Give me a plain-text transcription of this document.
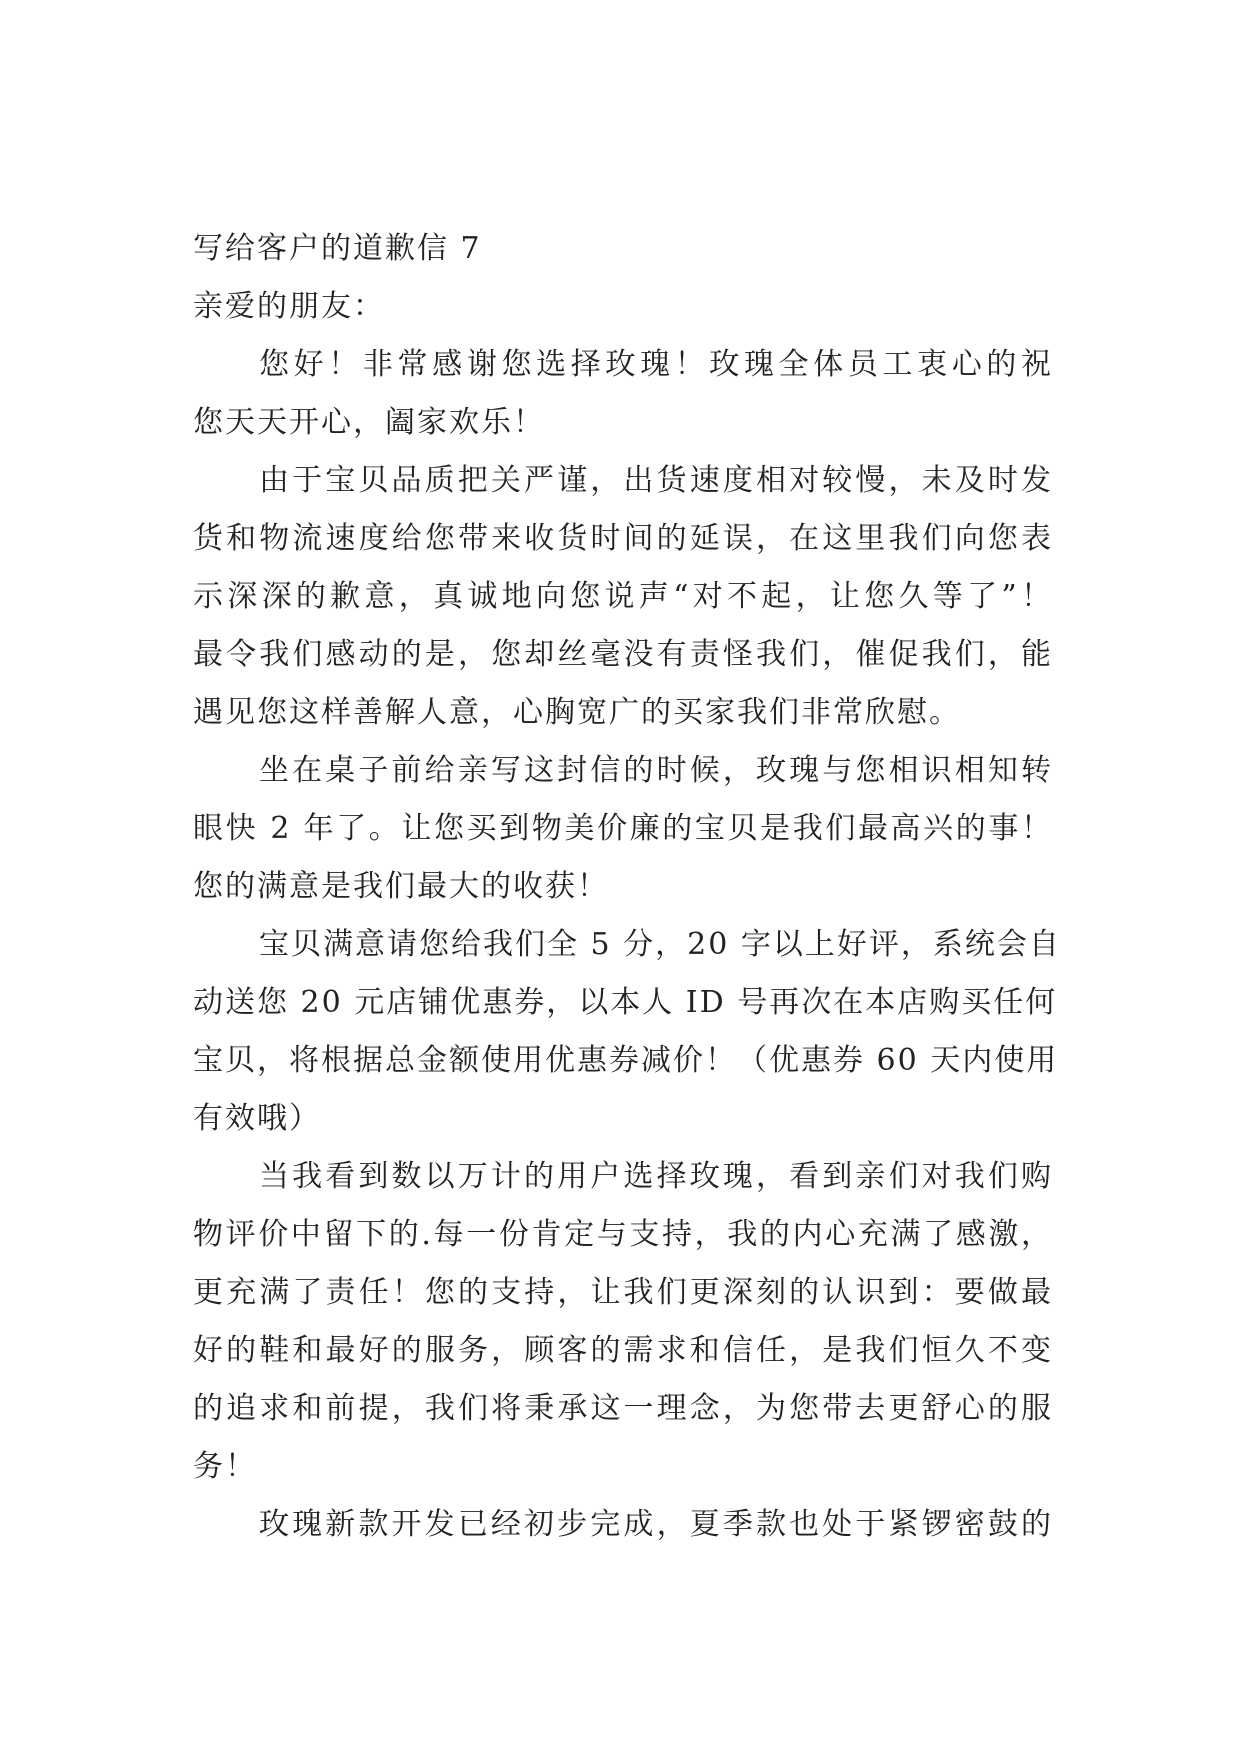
写给客户的道歉信 7
亲爱的朋友：
您好！非常感谢您选择玫瑰！玫瑰全体员工衷心的祝
您天天开心，阖家欢乐！
由于宝贝品质把关严谨，出货速度相对较慢，未及时发
货和物流速度给您带来收货时间的延误，在这里我们向您表
示深深的歉意，真诚地向您说声“对不起，让您久等了”！
最令我们感动的是，您却丝毫没有责怪我们，催促我们，能
遇见您这样善解人意，心胸宽广的买家我们非常欣慰。
坐在桌子前给亲写这封信的时候，玫瑰与您相识相知转
眼快 2 年了。让您买到物美价廉的宝贝是我们最高兴的事！
您的满意是我们最大的收获！
宝贝满意请您给我们全 5 分，20 字以上好评，系统会自
动送您 20 元店铺优惠券，以本人 ID 号再次在本店购买任何
宝贝，将根据总金额使用优惠券减价！（优惠券 60 天内使用
有效哦）
当我看到数以万计的用户选择玫瑰，看到亲们对我们购
物评价中留下的.每一份肯定与支持，我的内心充满了感激，
更充满了责任！您的支持，让我们更深刻的认识到：要做最
好的鞋和最好的服务，顾客的需求和信任，是我们恒久不变
的追求和前提，我们将秉承这一理念，为您带去更舒心的服
务！
玫瑰新款开发已经初步完成，夏季款也处于紧锣密鼓的
